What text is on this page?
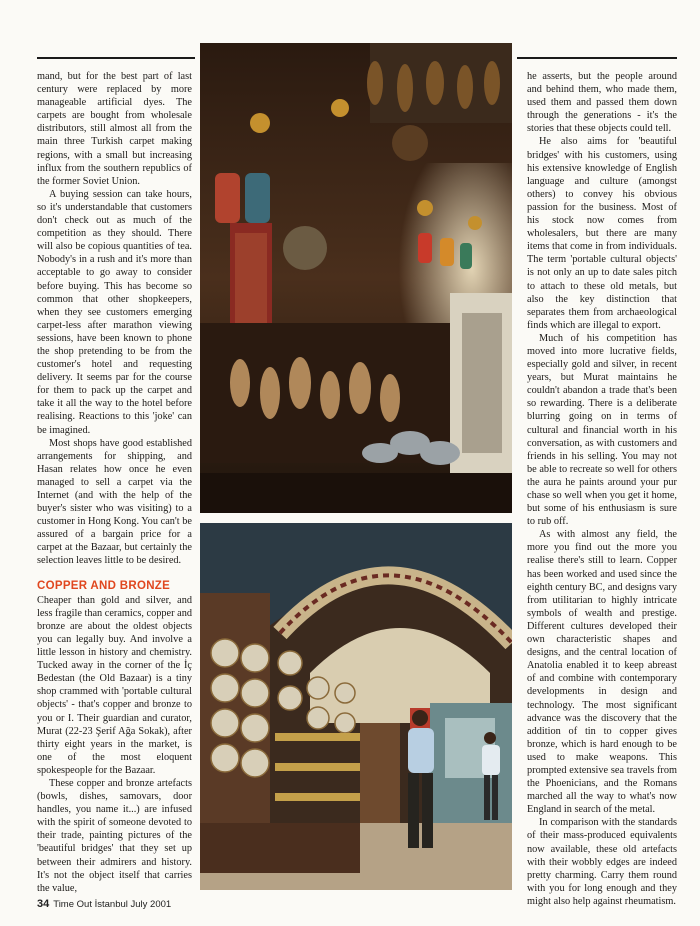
mand, but for the best part of last century were replaced by more manageable artificial dyes. The carpets are bought from wholesale distributors, still almost all from the main three Turkish carpet making regions, with a small but increasing influx from the southern republics of the former Soviet Union.

A buying session can take hours, so it's understandable that customers don't check out as much of the competition as they should. There will also be copious quantities of tea. Nobody's in a rush and it's more than acceptable to go away to consider before buying. This has become so common that other shopkeepers, when they see customers emerging carpet-less after marathon viewing sessions, have been known to phone the shop pretending to be from the customer's hotel and requesting delivery. It seems par for the course for them to pack up the carpet and take it all the way to the hotel before realising. Reactions to this 'joke' can be imagined.

Most shops have good established arrangements for shipping, and Hasan relates how once he even managed to sell a carpet via the Internet (and with the help of the buyer's sister who was visiting) to a customer in Hong Kong. You can't be assured of a bargain price for a carpet at the Bazaar, but certainly the selection leaves little to be desired.

COPPER AND BRONZE

Cheaper than gold and silver, and less fragile than ceramics, copper and bronze are about the oldest objects you can legally buy. And involve a little lesson in history and chemistry. Tucked away in the corner of the İç Bedestan (the Old Bazaar) is a tiny shop crammed with 'portable cultural objects' - that's copper and bronze to you or I. Their guardian and curator, Murat (22-23 Şerif Ağa Sokak), after thirty eight years in the market, is one of the most eloquent spokespeople for the Bazaar.

These copper and bronze artefacts (bowls, dishes, samovars, door handles, you name it...) are infused with the spirit of someone devoted to their trade, painting pictures of the 'beautiful bridges' that they set up between their admirers and history. It's not the object itself that carries the value,

he asserts, but the people around and behind them, who made them, used them and passed them down through the generations - it's the stories that these objects could tell.

He also aims for 'beautiful bridges' with his customers, using his extensive knowledge of English language and culture (amongst others) to convey his obvious passion for the business. Most of his stock now comes from wholesalers, but there are many items that come in from individuals. The term 'portable cultural objects' is not only an up to date sales pitch to attach to these old metals, but also the key distinction that separates them from archaeological finds which are illegal to export.

Much of his competition has moved into more lucrative fields, especially gold and silver, in recent years, but Murat maintains he couldn't abandon a trade that's been so rewarding. There is a deliberate blurring going on in terms of cultural and financial worth in his conversation, as with customers and friends in his selling. You may not be able to recreate so well for others the aura he paints around your pur chase so well when you get it home, but some of his enthusiasm is sure to rub off.

As with almost any field, the more you find out the more you realise there's still to learn. Copper has been worked and used since the eighth century BC, and designs vary from utilitarian to highly intricate symbols of wealth and prestige. Different cultures developed their own characteristic shapes and designs, and the central location of Anatolia enabled it to keep abreast of and combine with contemporary developments in design and technology. The most significant advance was the discovery that the addition of tin to copper gives bronze, which is hard enough to be used to make weapons. This prompted extensive sea travels from the Phoenicians, and the Romans marched all the way to what's now England in search of the metal.

In comparison with the standards of their mass-produced equivalents now available, these old artefacts with their wobbly edges are indeed pretty charming. Carry them round with you for long enough and they might also help against rheumatism.

34 Time Out İstanbul July 2001
